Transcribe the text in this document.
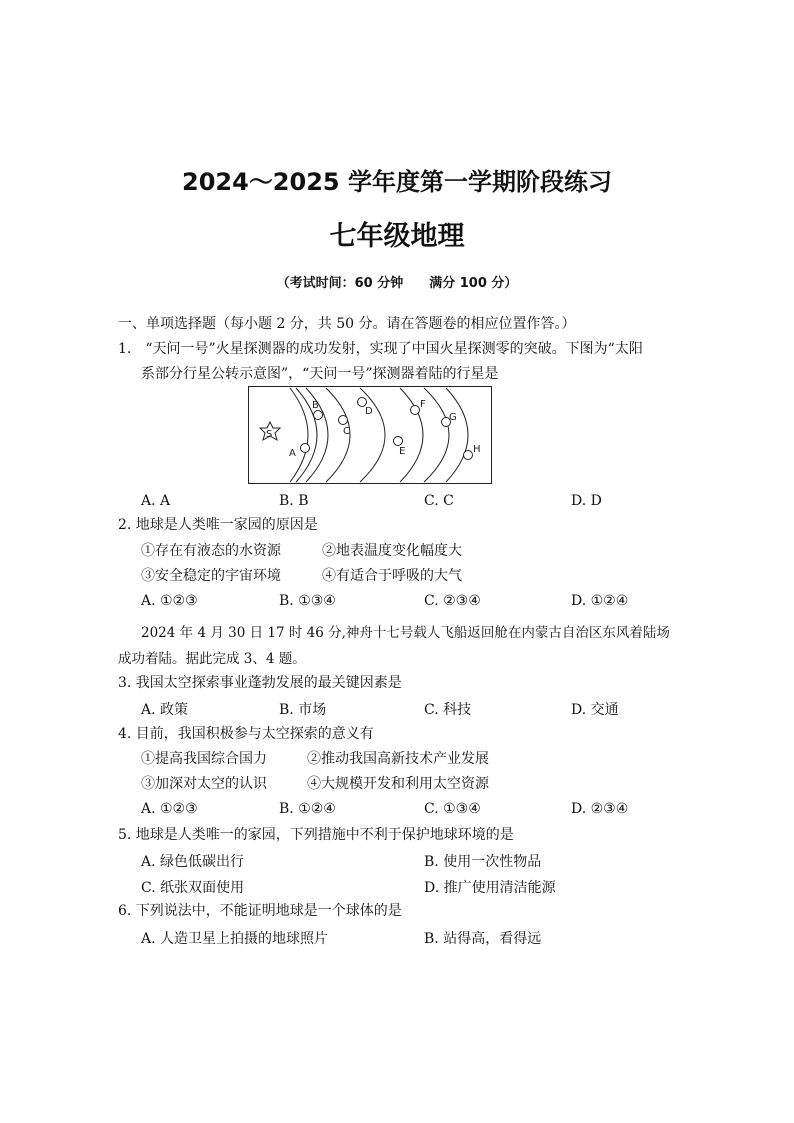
2024～2025 学年度第一学期阶段练习
七年级地理
（考试时间：60 分钟　　满分 100 分）
一、单项选择题（每小题 2 分，共 50 分。请在答题卷的相应位置作答。）
1.　“天问一号”火星探测器的成功发射，实现了中国火星探测零的突破。下图为“太阳
系部分行星公转示意图”，“天问一号”探测器着陆的行星是
S
A
B
C
D
E
F
G
H
A. A	B. B	C. C	D. D
2. 地球是人类唯一家园的原因是
①存在有液态的水资源	②地表温度变化幅度大
③安全稳定的宇宙环境	④有适合于呼吸的大气
A. ①②③	B. ①③④	C. ②③④	D. ①②④
2024 年 4 月 30 日 17 时 46 分,神舟十七号载人飞船返回舱在内蒙古自治区东风着陆场
成功着陆。据此完成 3、4 题。
3. 我国太空探索事业蓬勃发展的最关键因素是
A. 政策	B. 市场	C. 科技	D. 交通
4. 目前，我国积极参与太空探索的意义有
①提高我国综合国力	②推动我国高新技术产业发展
③加深对太空的认识	④大规模开发和利用太空资源
A. ①②③	B. ①②④	C. ①③④	D. ②③④
5. 地球是人类唯一的家园，下列措施中不利于保护地球环境的是
A. 绿色低碳出行	B. 使用一次性物品
C. 纸张双面使用	D. 推广使用清洁能源
6. 下列说法中，不能证明地球是一个球体的是
A. 人造卫星上拍摄的地球照片	B. 站得高，看得远
